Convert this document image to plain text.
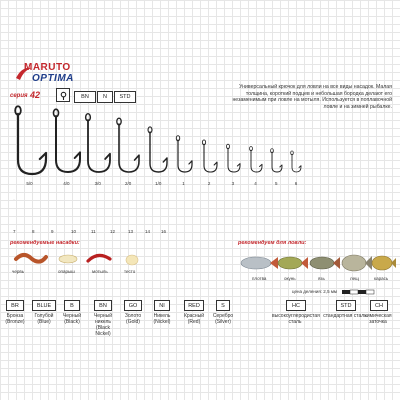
MARUTO
OPTIMA
серия 42	BN	N	STD
Универсальный крючок для ловли на все виды насадок. Малая толщина, короткий подцев и небольшая бородка делают его незаменимым при ловле на мотыля. Используется в поплавочной ловле и на зимней рыбалке.
рекомендуемые насадки:
червь	опарыш	мотыль	тесто
рекомендуем для ловли:
плотва	окунь	язь	лещ	карась
цена деления: 2,5 мм
5/0	4/0	3/0	2/0	1/0	1	2	3	4	5	6
7	8	9	10	11	12	13	14 16
BR
Бронза (Bronze)
BLUE
Голубой (Blue)
B
Черный (Black)
BN
Черный никель (Black Nickel)
GO
Золото (Gold)
NI
Никель (Nickel)
RED
Красный (Red)
S
Серебро (Silver)
HC
высокоуглеродистая сталь
STD
стандартная сталь
CH
химическая заточка
